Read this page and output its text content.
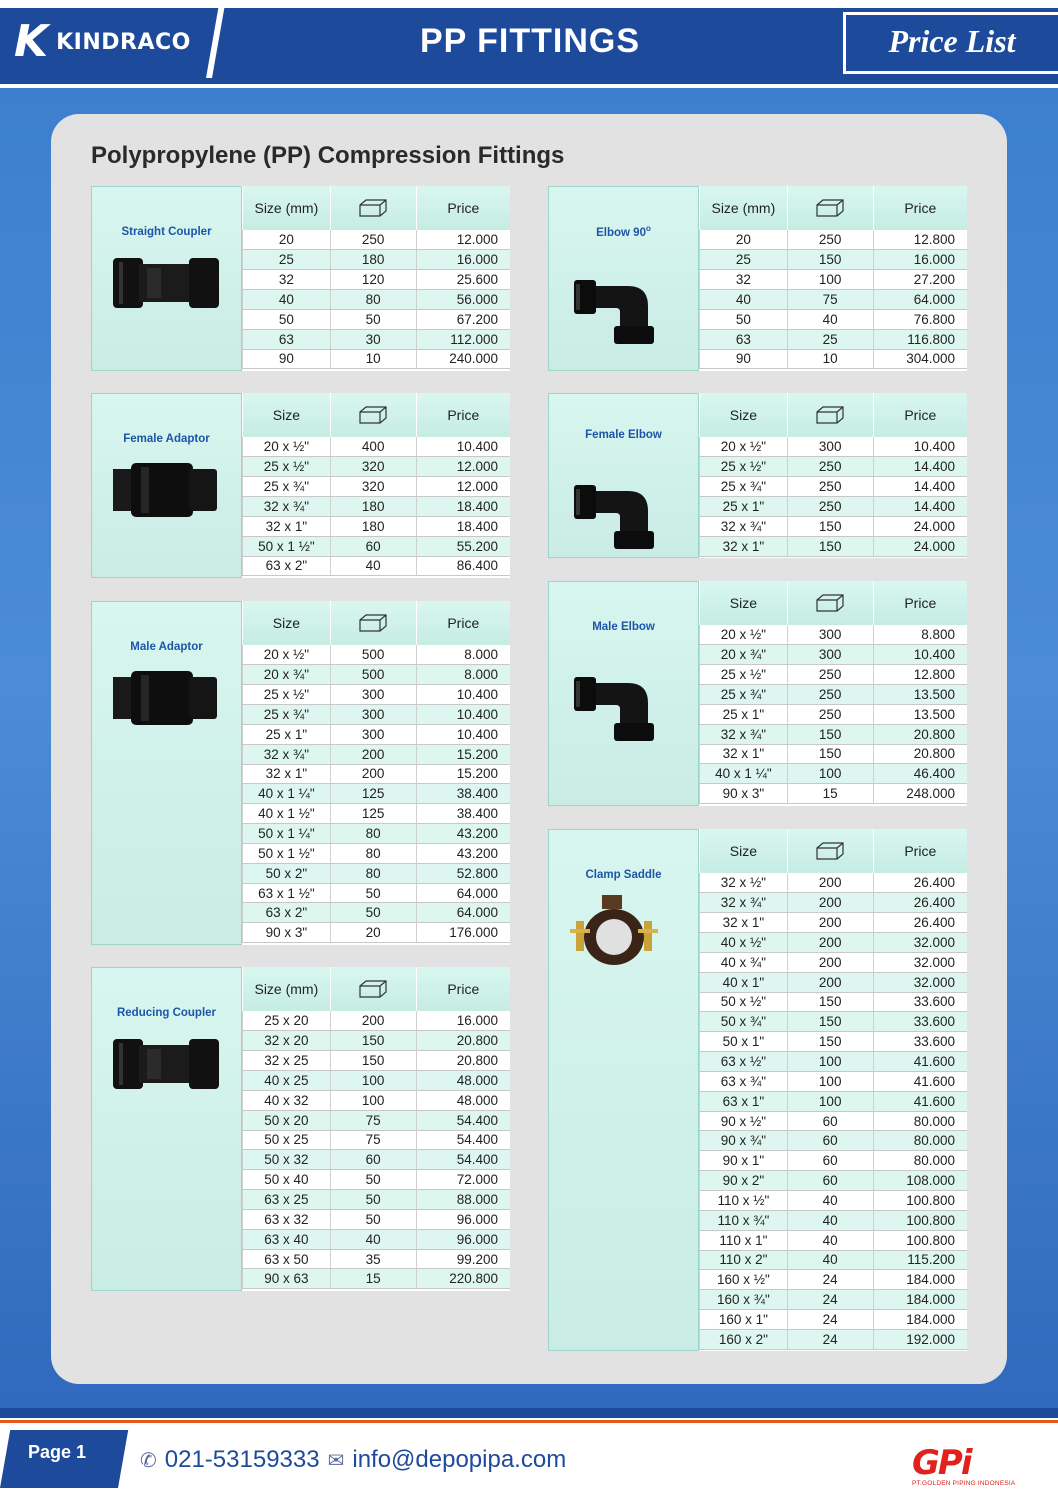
K KINDRACO	PP FITTINGS	Price List
Polypropylene (PP) Compression Fittings
Straight Coupler
Size (mm)		Price
20	250	12.000
25	180	16.000
32	120	25.600
40	80	56.000
50	50	67.200
63	30	112.000
90	10	240.000
Elbow 90$^o$
Size (mm)		Price
20	250	12.800
25	150	16.000
32	100	27.200
40	75	64.000
50	40	76.800
63	25	116.800
90	10	304.000
Female Adaptor
Size		Price
20 x ½"	400	10.400
25 x ½"	320	12.000
25 x ¾"	320	12.000
32 x ¾"	180	18.400
32 x 1"	180	18.400
50 x 1 ½"	60	55.200
63 x 2"	40	86.400
Female Elbow
Size		Price
20 x ½"	300	10.400
25 x ½"	250	14.400
25 x ¾"	250	14.400
25 x 1"	250	14.400
32 x ¾"	150	24.000
32 x 1"	150	24.000
Male Adaptor
Size		Price
20 x ½"	500	8.000
20 x ¾"	500	8.000
25 x ½"	300	10.400
25 x ¾"	300	10.400
25 x 1"	300	10.400
32 x ¾"	200	15.200
32 x 1"	200	15.200
40 x 1 ¼"	125	38.400
40 x 1 ½"	125	38.400
50 x 1 ¼"	80	43.200
50 x 1 ½"	80	43.200
50 x 2"	80	52.800
63 x 1 ½"	50	64.000
63 x 2"	50	64.000
90 x 3"	20	176.000
Male Elbow
Size		Price
20 x ½"	300	8.800
20 x ¾"	300	10.400
25 x ½"	250	12.800
25 x ¾"	250	13.500
25 x 1"	250	13.500
32 x ¾"	150	20.800
32 x 1"	150	20.800
40 x 1 ¼"	100	46.400
90 x 3"	15	248.000
Reducing Coupler
Size (mm)		Price
25 x 20	200	16.000
32 x 20	150	20.800
32 x 25	150	20.800
40 x 25	100	48.000
40 x 32	100	48.000
50 x 20	75	54.400
50 x 25	75	54.400
50 x 32	60	54.400
50 x 40	50	72.000
63 x 25	50	88.000
63 x 32	50	96.000
63 x 40	40	96.000
63 x 50	35	99.200
90 x 63	15	220.800
Clamp Saddle
Size		Price
32 x ½"	200	26.400
32 x ¾"	200	26.400
32 x 1"	200	26.400
40 x ½"	200	32.000
40 x ¾"	200	32.000
40 x 1"	200	32.000
50 x ½"	150	33.600
50 x ¾"	150	33.600
50 x 1"	150	33.600
63 x ½"	100	41.600
63 x ¾"	100	41.600
63 x 1"	100	41.600
90 x ½"	60	80.000
90 x ¾"	60	80.000
90 x 1"	60	80.000
90 x 2"	60	108.000
110 x ½"	40	100.800
110 x ¾"	40	100.800
110 x 1"	40	100.800
110 x 2"	40	115.200
160 x ½"	24	184.000
160 x ¾"	24	184.000
160 x 1"	24	184.000
160 x 2"	24	192.000
Page 1	✆ 021-53159333 ✉ info@depopipa.com	GPi
PT.GOLDEN PIPING INDONESIA
